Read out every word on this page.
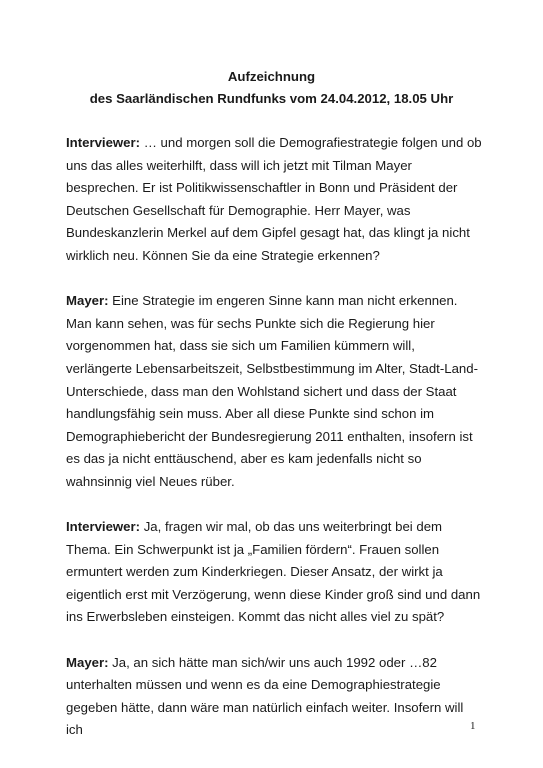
Aufzeichnung
des Saarländischen Rundfunks vom 24.04.2012, 18.05 Uhr

Interviewer: … und morgen soll die Demografiestrategie folgen und ob uns das alles weiterhilft, dass will ich jetzt mit Tilman Mayer besprechen. Er ist Politikwissenschaftler in Bonn und Präsident der Deutschen Gesellschaft für Demographie. Herr Mayer, was Bundeskanzlerin Merkel auf dem Gipfel gesagt hat, das klingt ja nicht wirklich neu. Können Sie da eine Strategie erkennen?

Mayer: Eine Strategie im engeren Sinne kann man nicht erkennen. Man kann sehen, was für sechs Punkte sich die Regierung hier vorgenommen hat, dass sie sich um Familien kümmern will, verlängerte Lebensarbeitszeit, Selbstbestimmung im Alter, Stadt-Land-Unterschiede, dass man den Wohlstand sichert und dass der Staat handlungsfähig sein muss. Aber all diese Punkte sind schon im Demographiebericht der Bundesregierung 2011 enthalten, insofern ist es das ja nicht enttäuschend, aber es kam jedenfalls nicht so wahnsinnig viel Neues rüber.

Interviewer: Ja, fragen wir mal, ob das uns weiterbringt bei dem Thema. Ein Schwerpunkt ist ja „Familien fördern“. Frauen sollen ermuntert werden zum Kinderkriegen. Dieser Ansatz, der wirkt ja eigentlich erst mit Verzögerung, wenn diese Kinder groß sind und dann ins Erwerbsleben einsteigen. Kommt das nicht alles viel zu spät?

Mayer: Ja, an sich hätte man sich/wir uns auch 1992 oder …82 unterhalten müssen und wenn es da eine Demographiestrategie gegeben hätte, dann wäre man natürlich einfach weiter. Insofern will ich	1
